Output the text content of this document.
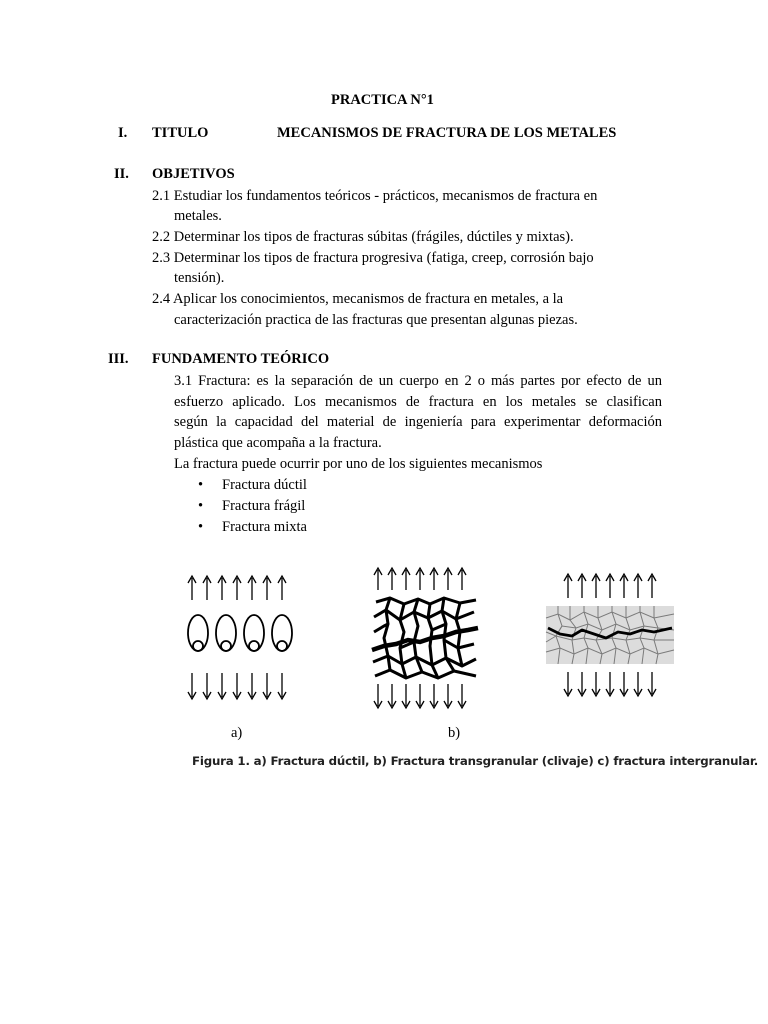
PRACTICA N°1
I. TITULO	MECANISMOS DE FRACTURA DE LOS METALES
II. OBJETIVOS
2.1 Estudiar los fundamentos teóricos - prácticos, mecanismos de fractura en
metales.
2.2 Determinar los tipos de fracturas súbitas (frágiles, dúctiles y mixtas).
2.3 Determinar los tipos de fractura progresiva (fatiga, creep, corrosión bajo
tensión).
2.4 Aplicar los conocimientos, mecanismos de fractura en metales, a la
caracterización practica de las fracturas que presentan algunas piezas.
III. FUNDAMENTO TEÓRICO
3.1 Fractura: es la separación de un cuerpo en 2 o más partes por efecto de un
esfuerzo aplicado. Los mecanismos de fractura en los metales se clasifican
según la capacidad del material de ingeniería para experimentar deformación
plástica que acompaña a la fractura.
La fractura puede ocurrir por uno de los siguientes mecanismos
• Fractura dúctil
• Fractura frágil
• Fractura mixta
a)	b)
Figura 1. a) Fractura dúctil, b) Fractura transgranular (clivaje) c) fractura intergranular.
